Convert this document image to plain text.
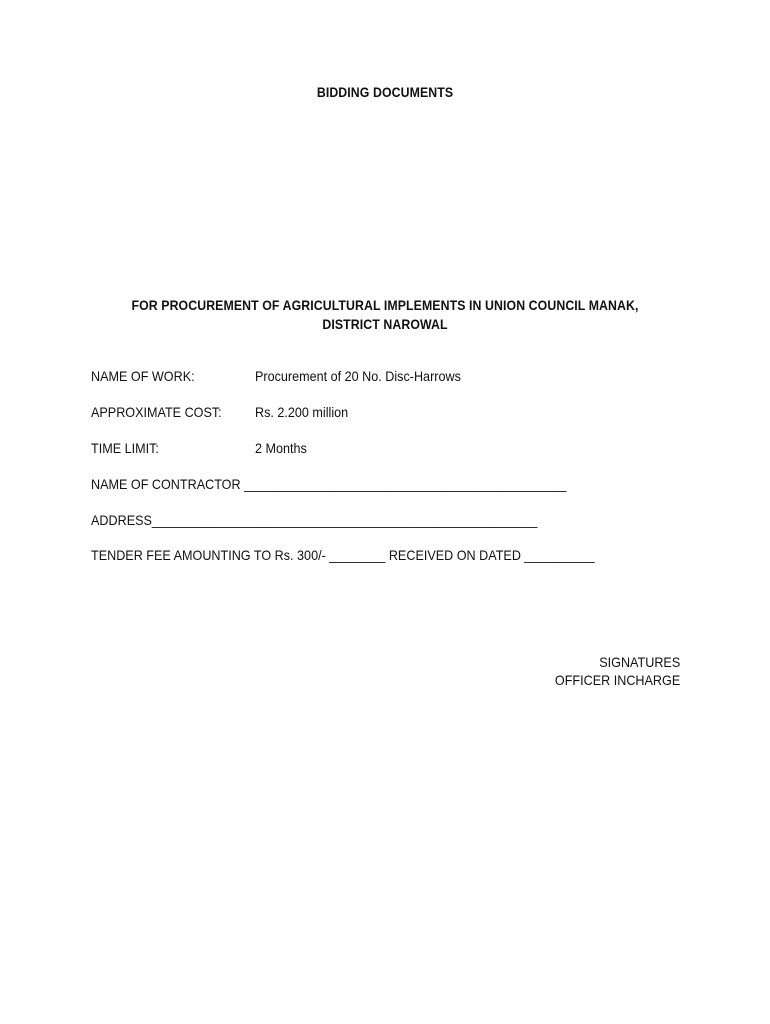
BIDDING DOCUMENTS
FOR PROCUREMENT OF AGRICULTURAL IMPLEMENTS IN UNION COUNCIL MANAK,
DISTRICT NAROWAL
NAME OF WORK:	Procurement of 20 No. Disc-Harrows
APPROXIMATE COST: Rs. 2.200 million
TIME LIMIT:	2 Months
NAME OF CONTRACTOR ______________________________________________
ADDRESS_______________________________________________________
TENDER FEE AMOUNTING TO Rs. 300/- ________ RECEIVED ON DATED __________
SIGNATURES
OFFICER INCHARGE
